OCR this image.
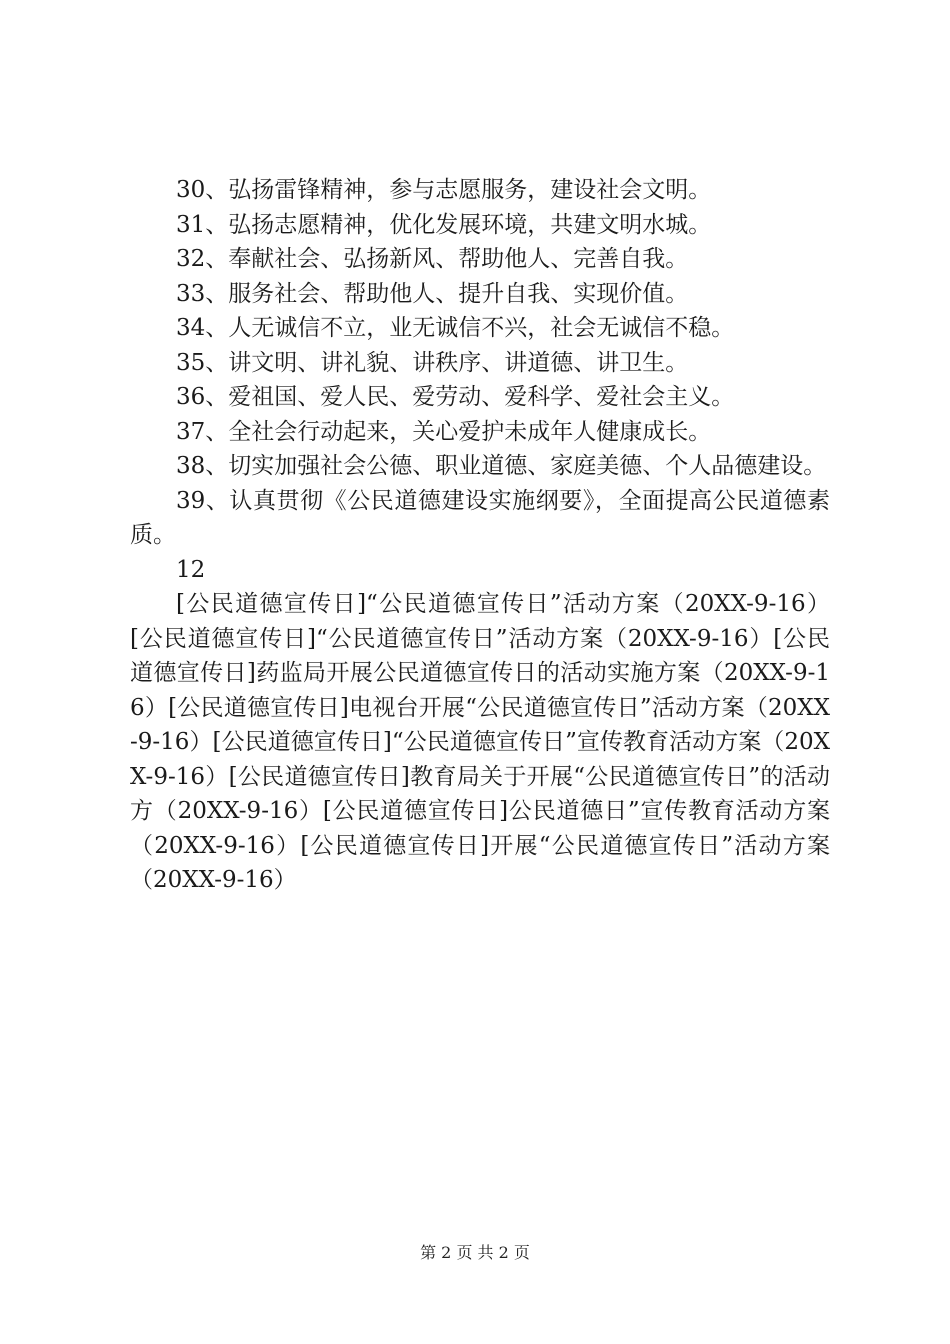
30、弘扬雷锋精神，参与志愿服务，建设社会文明。

31、弘扬志愿精神，优化发展环境，共建文明水城。

32、奉献社会、弘扬新风、帮助他人、完善自我。

33、服务社会、帮助他人、提升自我、实现价值。

34、人无诚信不立，业无诚信不兴，社会无诚信不稳。

35、讲文明、讲礼貌、讲秩序、讲道德、讲卫生。

36、爱祖国、爱人民、爱劳动、爱科学、爱社会主义。

37、全社会行动起来，关心爱护未成年人健康成长。

38、切实加强社会公德、职业道德、家庭美德、个人品德建设。

39、认真贯彻《公民道德建设实施纲要》，全面提高公民道德素质。

12

[公民道德宣传日]“公民道德宣传日”活动方案（20XX-9-16）[公民道德宣传日]“公民道德宣传日”活动方案（20XX-9-16）[公民道德宣传日]药监局开展公民道德宣传日的活动实施方案（20XX-9-16）[公民道德宣传日]电视台开展“公民道德宣传日”活动方案（20XX-9-16）[公民道德宣传日]“公民道德宣传日”宣传教育活动方案（20XX-9-16）[公民道德宣传日]教育局关于开展“公民道德宣传日”的活动方（20XX-9-16）[公民道德宣传日]公民道德日”宣传教育活动方案（20XX-9-16）[公民道德宣传日]开展“公民道德宣传日”活动方案（20XX-9-16）

第 2 页 共 2 页
